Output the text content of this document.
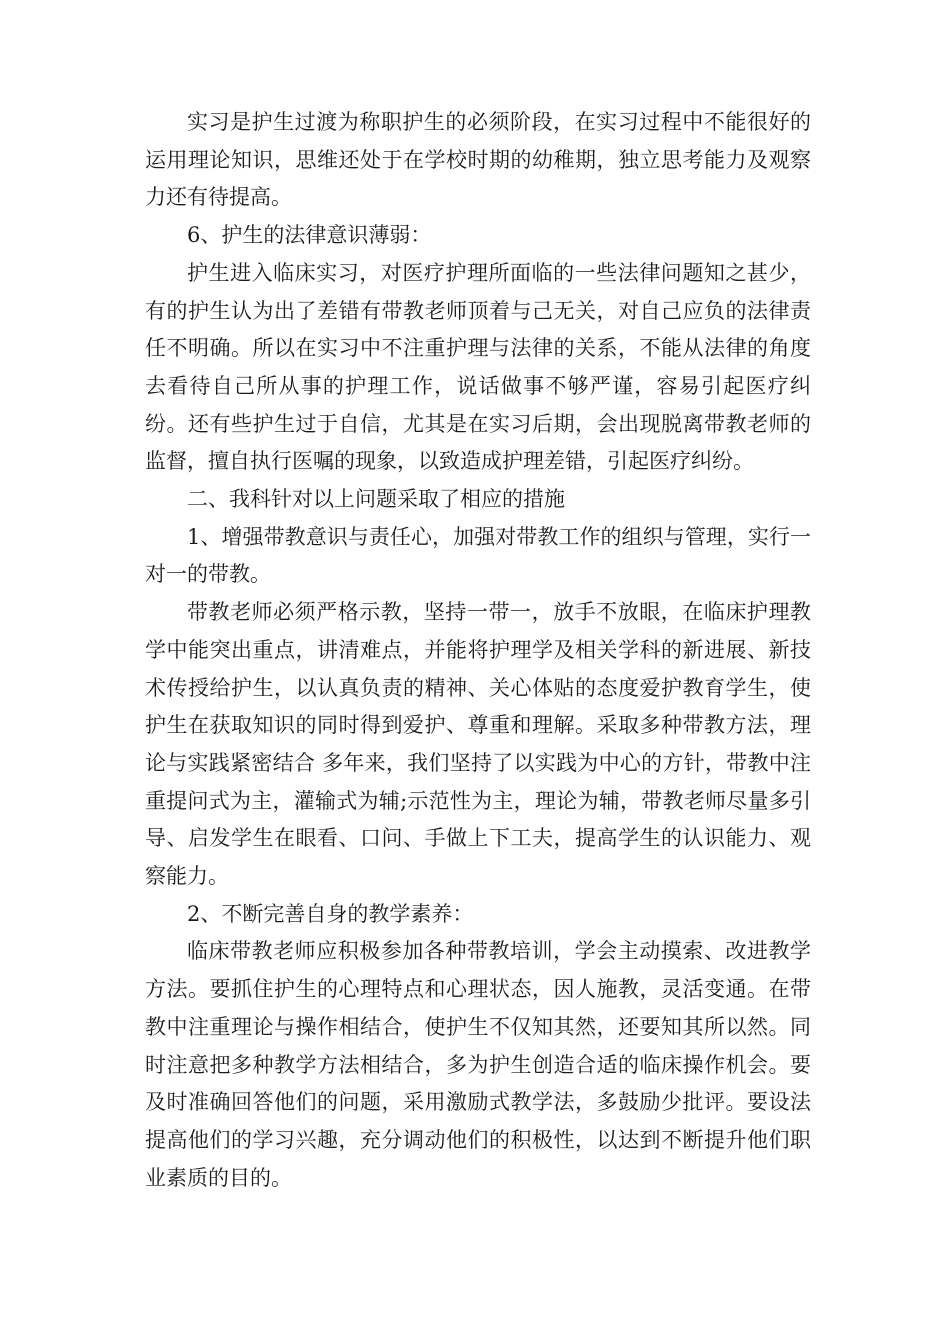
实习是护生过渡为称职护生的必须阶段，在实习过程中不能很好的运用理论知识，思维还处于在学校时期的幼稚期，独立思考能力及观察力还有待提高。

6、护生的法律意识薄弱：

护生进入临床实习，对医疗护理所面临的一些法律问题知之甚少，有的护生认为出了差错有带教老师顶着与己无关，对自己应负的法律责任不明确。所以在实习中不注重护理与法律的关系，不能从法律的角度去看待自己所从事的护理工作，说话做事不够严谨，容易引起医疗纠纷。还有些护生过于自信，尤其是在实习后期，会出现脱离带教老师的监督，擅自执行医嘱的现象，以致造成护理差错，引起医疗纠纷。

二、我科针对以上问题采取了相应的措施

1、增强带教意识与责任心，加强对带教工作的组织与管理，实行一对一的带教。

带教老师必须严格示教，坚持一带一，放手不放眼，在临床护理教学中能突出重点，讲清难点，并能将护理学及相关学科的新进展、新技术传授给护生，以认真负责的精神、关心体贴的态度爱护教育学生，使护生在获取知识的同时得到爱护、尊重和理解。采取多种带教方法，理论与实践紧密结合 多年来，我们坚持了以实践为中心的方针，带教中注重提问式为主，灌输式为辅;示范性为主，理论为辅，带教老师尽量多引导、启发学生在眼看、口问、手做上下工夫，提高学生的认识能力、观察能力。

2、不断完善自身的教学素养：

临床带教老师应积极参加各种带教培训，学会主动摸索、改进教学方法。要抓住护生的心理特点和心理状态，因人施教，灵活变通。在带教中注重理论与操作相结合，使护生不仅知其然，还要知其所以然。同时注意把多种教学方法相结合，多为护生创造合适的临床操作机会。要及时准确回答他们的问题，采用激励式教学法，多鼓励少批评。要设法提高他们的学习兴趣，充分调动他们的积极性，以达到不断提升他们职业素质的目的。
